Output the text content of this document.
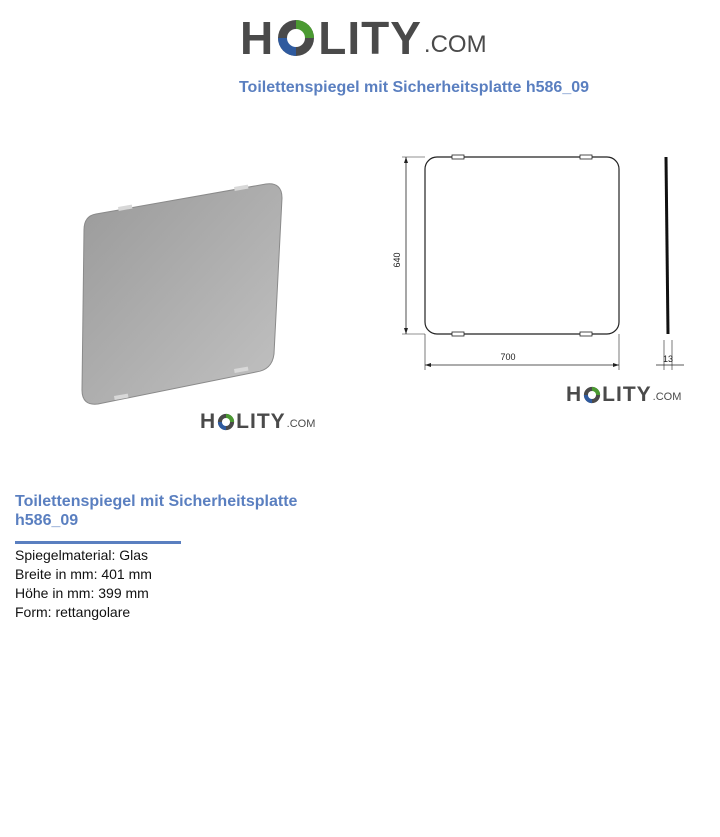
H LITY .COM
Toilettenspiegel mit Sicherheitsplatte h586_09
H LITY .COM
640
700	13
H LITY .COM
Toilettenspiegel mit Sicherheitsplatte h586_09
Spiegelmaterial: Glas
Breite in mm: 401 mm
Höhe in mm: 399 mm
Form: rettangolare
